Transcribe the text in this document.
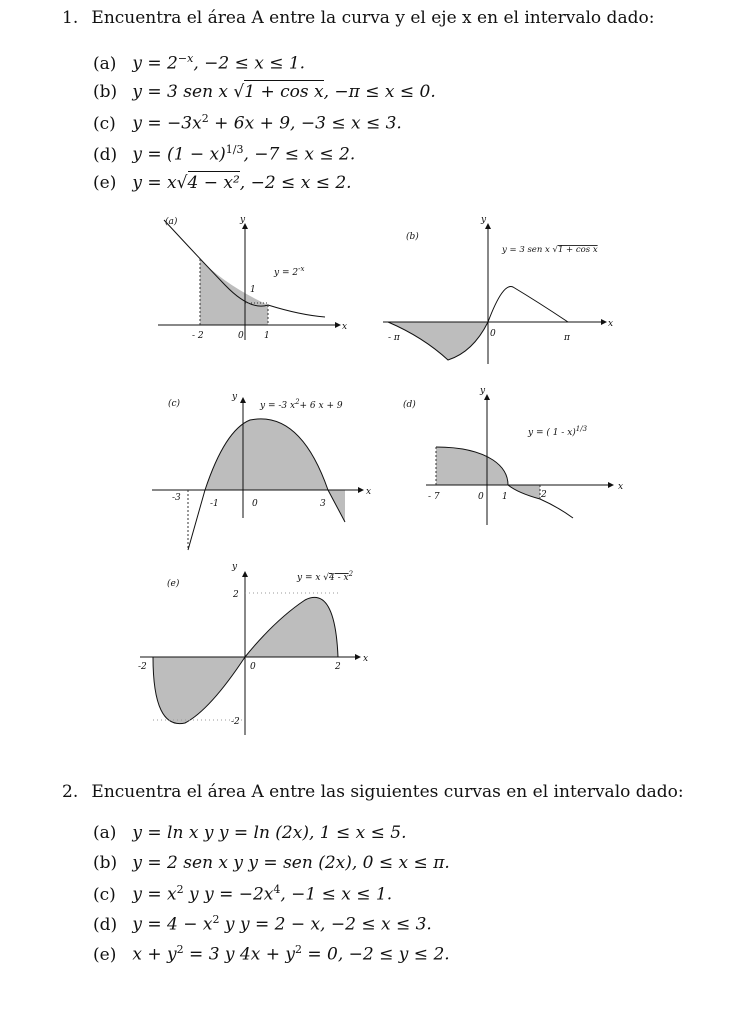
1. Encuentra el área A entre la curva y el eje x en el intervalo dado:
(a) $y = 2^{-x}$, −2 ≤ x ≤ 1.
(b) y = 3 sen x √1 + cos x, −π ≤ x ≤ 0.
(c) $y = -3x^2 + 6x + 9$, −3 ≤ x ≤ 3.
(d) $y = (1 - x)^{1/3}$, −7 ≤ x ≤ 2.
(e) y = x√4 − x², −2 ≤ x ≤ 2.
(a)	y
x
$y = 2^{-x}$
- 2	0 1
1
(b)
y
x
y = 3 sen x √1 + cos x
- π	0	π
(c)
y
x
y = -3 $x^2+ 6$ x + 9
-3
-1	0	3
(d)
y
x
y = ( 1 - x)$^{1/3}$
- 7	0 1	2
(e)
y
x
y = x $√4 - x^2$
2
-2	0	2
-2
2. Encuentra el área A entre las siguientes curvas en el intervalo dado:
(a) y = ln x y y = ln (2x), 1 ≤ x ≤ 5.
(b) y = 2 sen x y y = sen (2x), 0 ≤ x ≤ π.
(c) $y = x^2$ y $y = -2x^4$, −1 ≤ x ≤ 1.
(d) $y = 4 - x^2$ y y = 2 − x, −2 ≤ x ≤ 3.
(e) $x + y^2 = 3$ y $4x + y^2 = 0$, −2 ≤ y ≤ 2.
